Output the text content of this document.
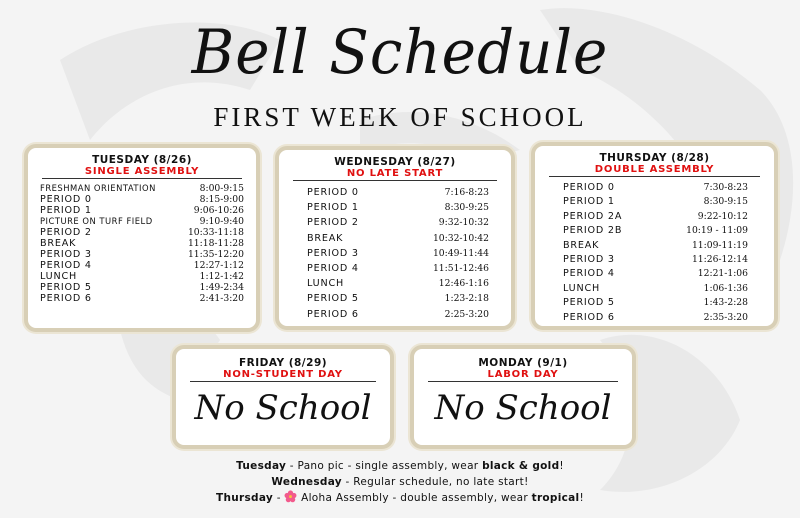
Bell Schedule
FIRST WEEK OF SCHOOL
TUESDAY (8/26)
SINGLE ASSEMBLY
FRESHMAN ORIENTATION	8:00-9:15
PERIOD 0	8:15-9:00
PERIOD 1	9:06-10:26
PICTURE ON TURF FIELD	9:10-9:40
PERIOD 2	10:33-11:18
BREAK	11:18-11:28
PERIOD 3	11:35-12:20
PERIOD 4	12:27-1:12
LUNCH	1:12-1:42
PERIOD 5	1:49-2:34
PERIOD 6	2:41-3:20
WEDNESDAY (8/27)
NO LATE START
PERIOD 0	7:16-8:23
PERIOD 1	8:30-9:25
PERIOD 2	9:32-10:32
BREAK	10:32-10:42
PERIOD 3	10:49-11:44
PERIOD 4	11:51-12:46
LUNCH	12:46-1:16
PERIOD 5	1:23-2:18
PERIOD 6	2:25-3:20
THURSDAY (8/28)
DOUBLE ASSEMBLY
PERIOD 0	7:30-8:23
PERIOD 1	8:30-9:15
PERIOD 2A	9:22-10:12
PERIOD 2B	10:19 - 11:09
BREAK	11:09-11:19
PERIOD 3	11:26-12:14
PERIOD 4	12:21-1:06
LUNCH	1:06-1:36
PERIOD 5	1:43-2:28
PERIOD 6	2:35-3:20
FRIDAY (8/29)
NON-STUDENT DAY
No School
MONDAY (9/1)
LABOR DAY
No School
Tuesday - Pano pic - single assembly, wear black & gold!
Wednesday - Regular schedule, no late start!
Thursday -  Aloha Assembly - double assembly, wear tropical!
